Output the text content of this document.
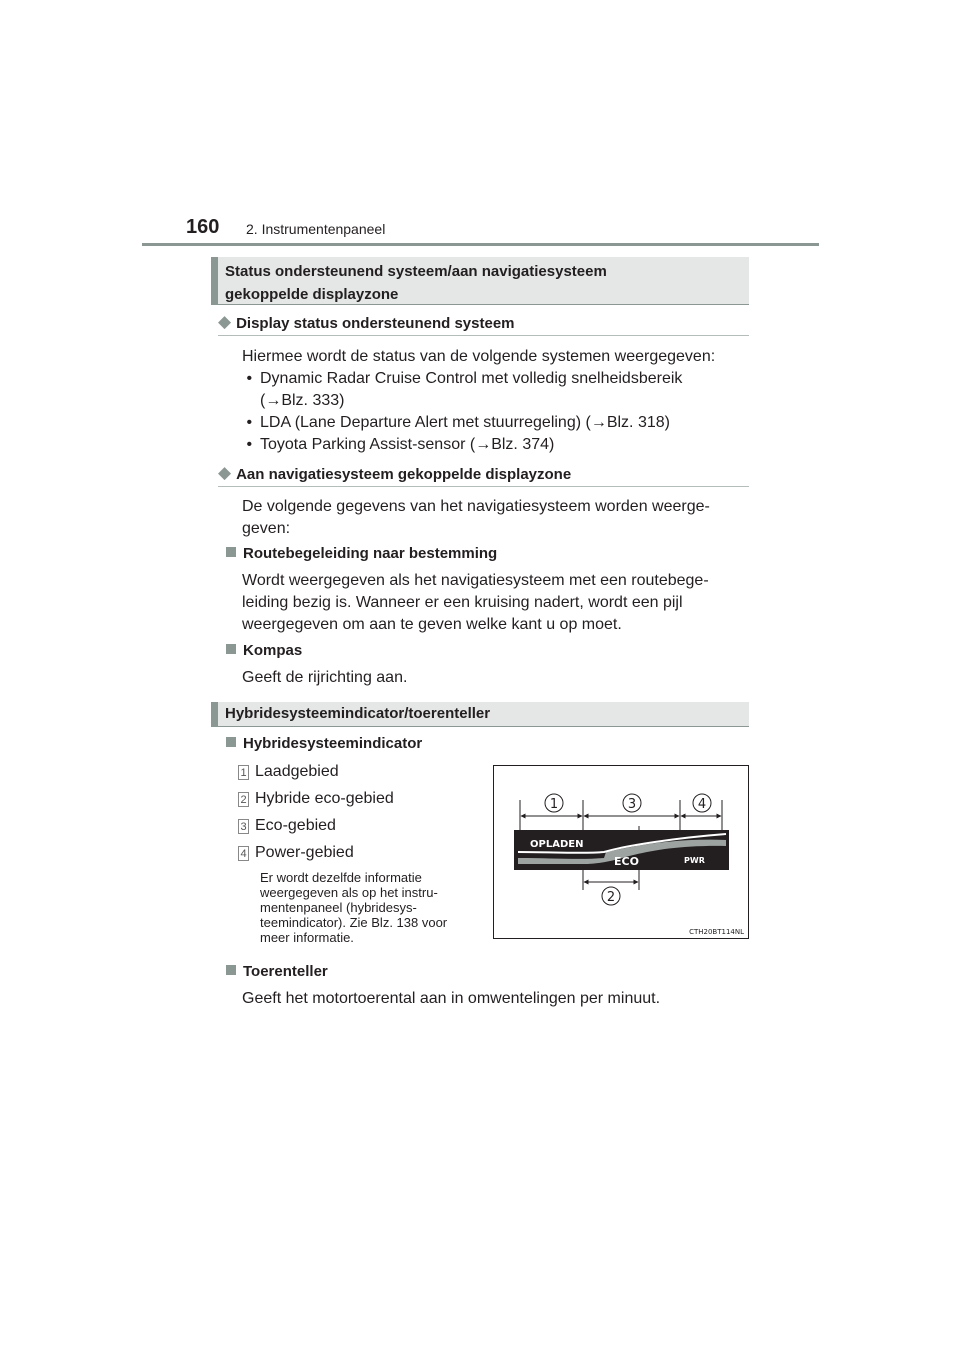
160 2. Instrumentenpaneel
Status ondersteunend systeem/aan navigatiesysteem
gekoppelde displayzone
◆ Display status ondersteunend systeem
Hiermee wordt de status van de volgende systemen weergegeven:
• Dynamic Radar Cruise Control met volledig snelheidsbereik
(→Blz. 333)
• LDA (Lane Departure Alert met stuurregeling) (→Blz. 318)
• Toyota Parking Assist-sensor (→Blz. 374)
◆ Aan navigatiesysteem gekoppelde displayzone
De volgende gegevens van het navigatiesysteem worden weerge-
geven:
Routebegeleiding naar bestemming
Wordt weergegeven als het navigatiesysteem met een routebege-
leiding bezig is. Wanneer er een kruising nadert, wordt een pijl
weergegeven om aan te geven welke kant u op moet.
Kompas
Geeft de rijrichting aan.
Hybridesysteemindicator/toerenteller
Hybridesysteemindicator
1 Laadgebied
2 Hybride eco-gebied
3 Eco-gebied
4 Power-gebied
Er wordt dezelfde informatie
weergegeven als op het instru-
mentenpaneel (hybridesys-
teemindicator). Zie Blz. 138 voor
meer informatie.
OPLADEN
ECO	PWR
1	3	4
2
CTH20BT114NL
Toerenteller
Geeft het motortoerental aan in omwentelingen per minuut.
